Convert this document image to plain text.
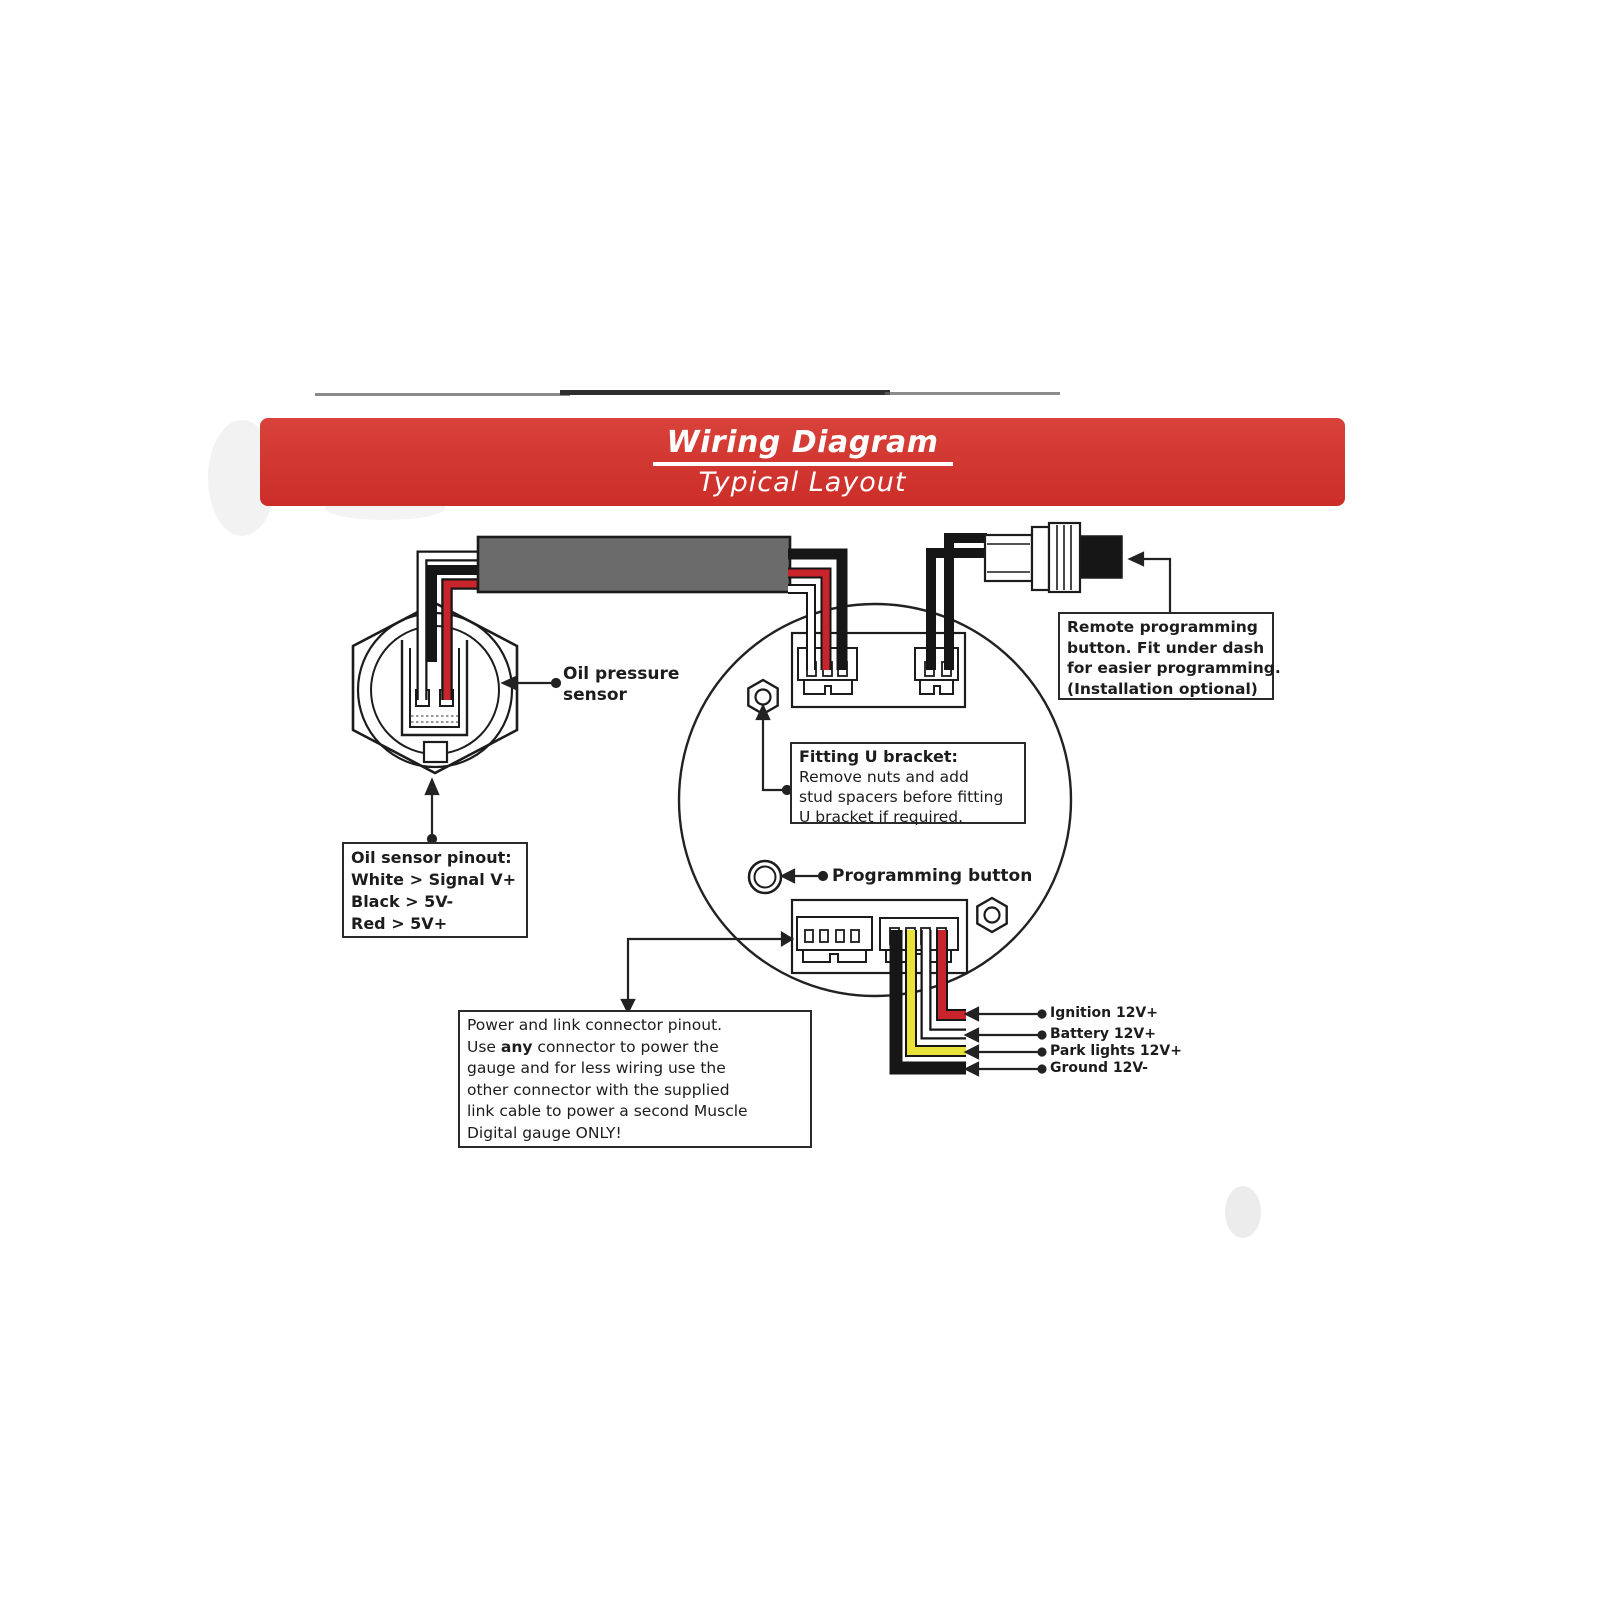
Wiring Diagram
Typical Layout
Oil pressure
sensor
Programming button
Oil sensor pinout:
White > Signal V+
Black > 5V-
Red > 5V+
Remote programming
button. Fit under dash
for easier programming.
(Installation optional)
Fitting U bracket:
Remove nuts and add
stud spacers before fitting
U bracket if required.
Power and link connector pinout.
Use any connector to power the
gauge and for less wiring use the
other connector with the supplied
link cable to power a second Muscle
Digital gauge ONLY!
Ignition 12V+
Battery 12V+
Park lights 12V+
Ground 12V-
